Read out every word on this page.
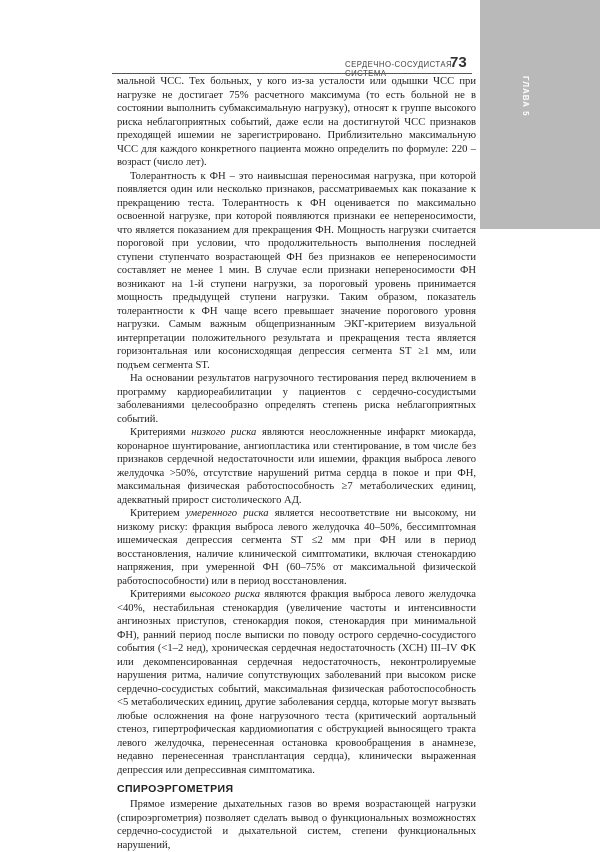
ГЛАВА 5
СЕРДЕЧНО-СОСУДИСТАЯ СИСТЕМА
73

мальной ЧСС. Тех больных, у кого из-за усталости или одышки ЧСС при нагрузке не достигает 75% расчетного максимума (то есть больной не в состоянии выполнить субмаксимальную нагрузку), относят к группе высокого риска неблагоприятных событий, даже если на достигнутой ЧСС признаков преходящей ишемии не зарегистрировано. Приблизительно максимальную ЧСС для каждого конкретного пациента можно определить по формуле: 220 – возраст (число лет).

Толерантность к ФН – это наивысшая переносимая нагрузка, при которой появляется один или несколько признаков, рассматриваемых как показание к прекращению теста. Толерантность к ФН оценивается по максимально освоенной нагрузке, при которой появляются признаки ее непереносимости, что является показанием для прекращения ФН. Мощность нагрузки считается пороговой при условии, что продолжительность выполнения последней ступени ступенчато возрастающей ФН без признаков ее непереносимости составляет не менее 1 мин. В случае если признаки непереносимости ФН возникают на 1-й ступени нагрузки, за пороговый уровень принимается мощность предыдущей ступени нагрузки. Таким образом, показатель толерантности к ФН чаще всего превышает значение порогового уровня нагрузки. Самым важным общепризнанным ЭКГ-критерием визуальной интерпретации положительного результата и прекращения теста является горизонтальная или косонисходящая депрессия сегмента ST ≥1 мм, или подъем сегмента ST.

На основании результатов нагрузочного тестирования перед включением в программу кардиореабилитации у пациентов с сердечно-сосудистыми заболеваниями целесообразно определять степень риска неблагоприятных событий.

Критериями низкого риска являются неосложненные инфаркт миокарда, коронарное шунтирование, ангиопластика или стентирование, в том числе без признаков сердечной недостаточности или ишемии, фракция выброса левого желудочка >50%, отсутствие нарушений ритма сердца в покое и при ФН, максимальная физическая работоспособность ≥7 метаболических единиц, адекватный прирост систолического АД.

Критерием умеренного риска является несоответствие ни высокому, ни низкому риску: фракция выброса левого желудочка 40–50%, бессимптомная ишемическая депрессия сегмента ST ≤2 мм при ФН или в период восстановления, наличие клинической симптоматики, включая стенокардию напряжения, при умеренной ФН (60–75% от максимальной физической работоспособности) или в период восстановления.

Критериями высокого риска являются фракция выброса левого желудочка <40%, нестабильная стенокардия (увеличение частоты и интенсивности ангинозных приступов, стенокардия покоя, стенокардия при минимальной ФН), ранний период после выписки по поводу острого сердечно-сосудистого события (<1–2 нед), хроническая сердечная недостаточность (ХСН) III–IV ФК или декомпенсированная сердечная недостаточность, неконтролируемые нарушения ритма, наличие сопутствующих заболеваний при высоком риске сердечно-сосудистых событий, максимальная физическая работоспособность <5 метаболических единиц, другие заболевания сердца, которые могут вызвать любые осложнения на фоне нагрузочного теста (критический аортальный стеноз, гипертрофическая кардиомиопатия с обструкцией выносящего тракта левого желудочка, перенесенная остановка кровообращения в анамнезе, недавно перенесенная трансплантация сердца), клинически выраженная депрессия или депрессивная симптоматика.

СПИРОЭРГОМЕТРИЯ

Прямое измерение дыхательных газов во время возрастающей нагрузки (спироэргометрия) позволяет сделать вывод о функциональных возможностях сердечно-сосудистой и дыхательной систем, степени функциональных нарушений,
